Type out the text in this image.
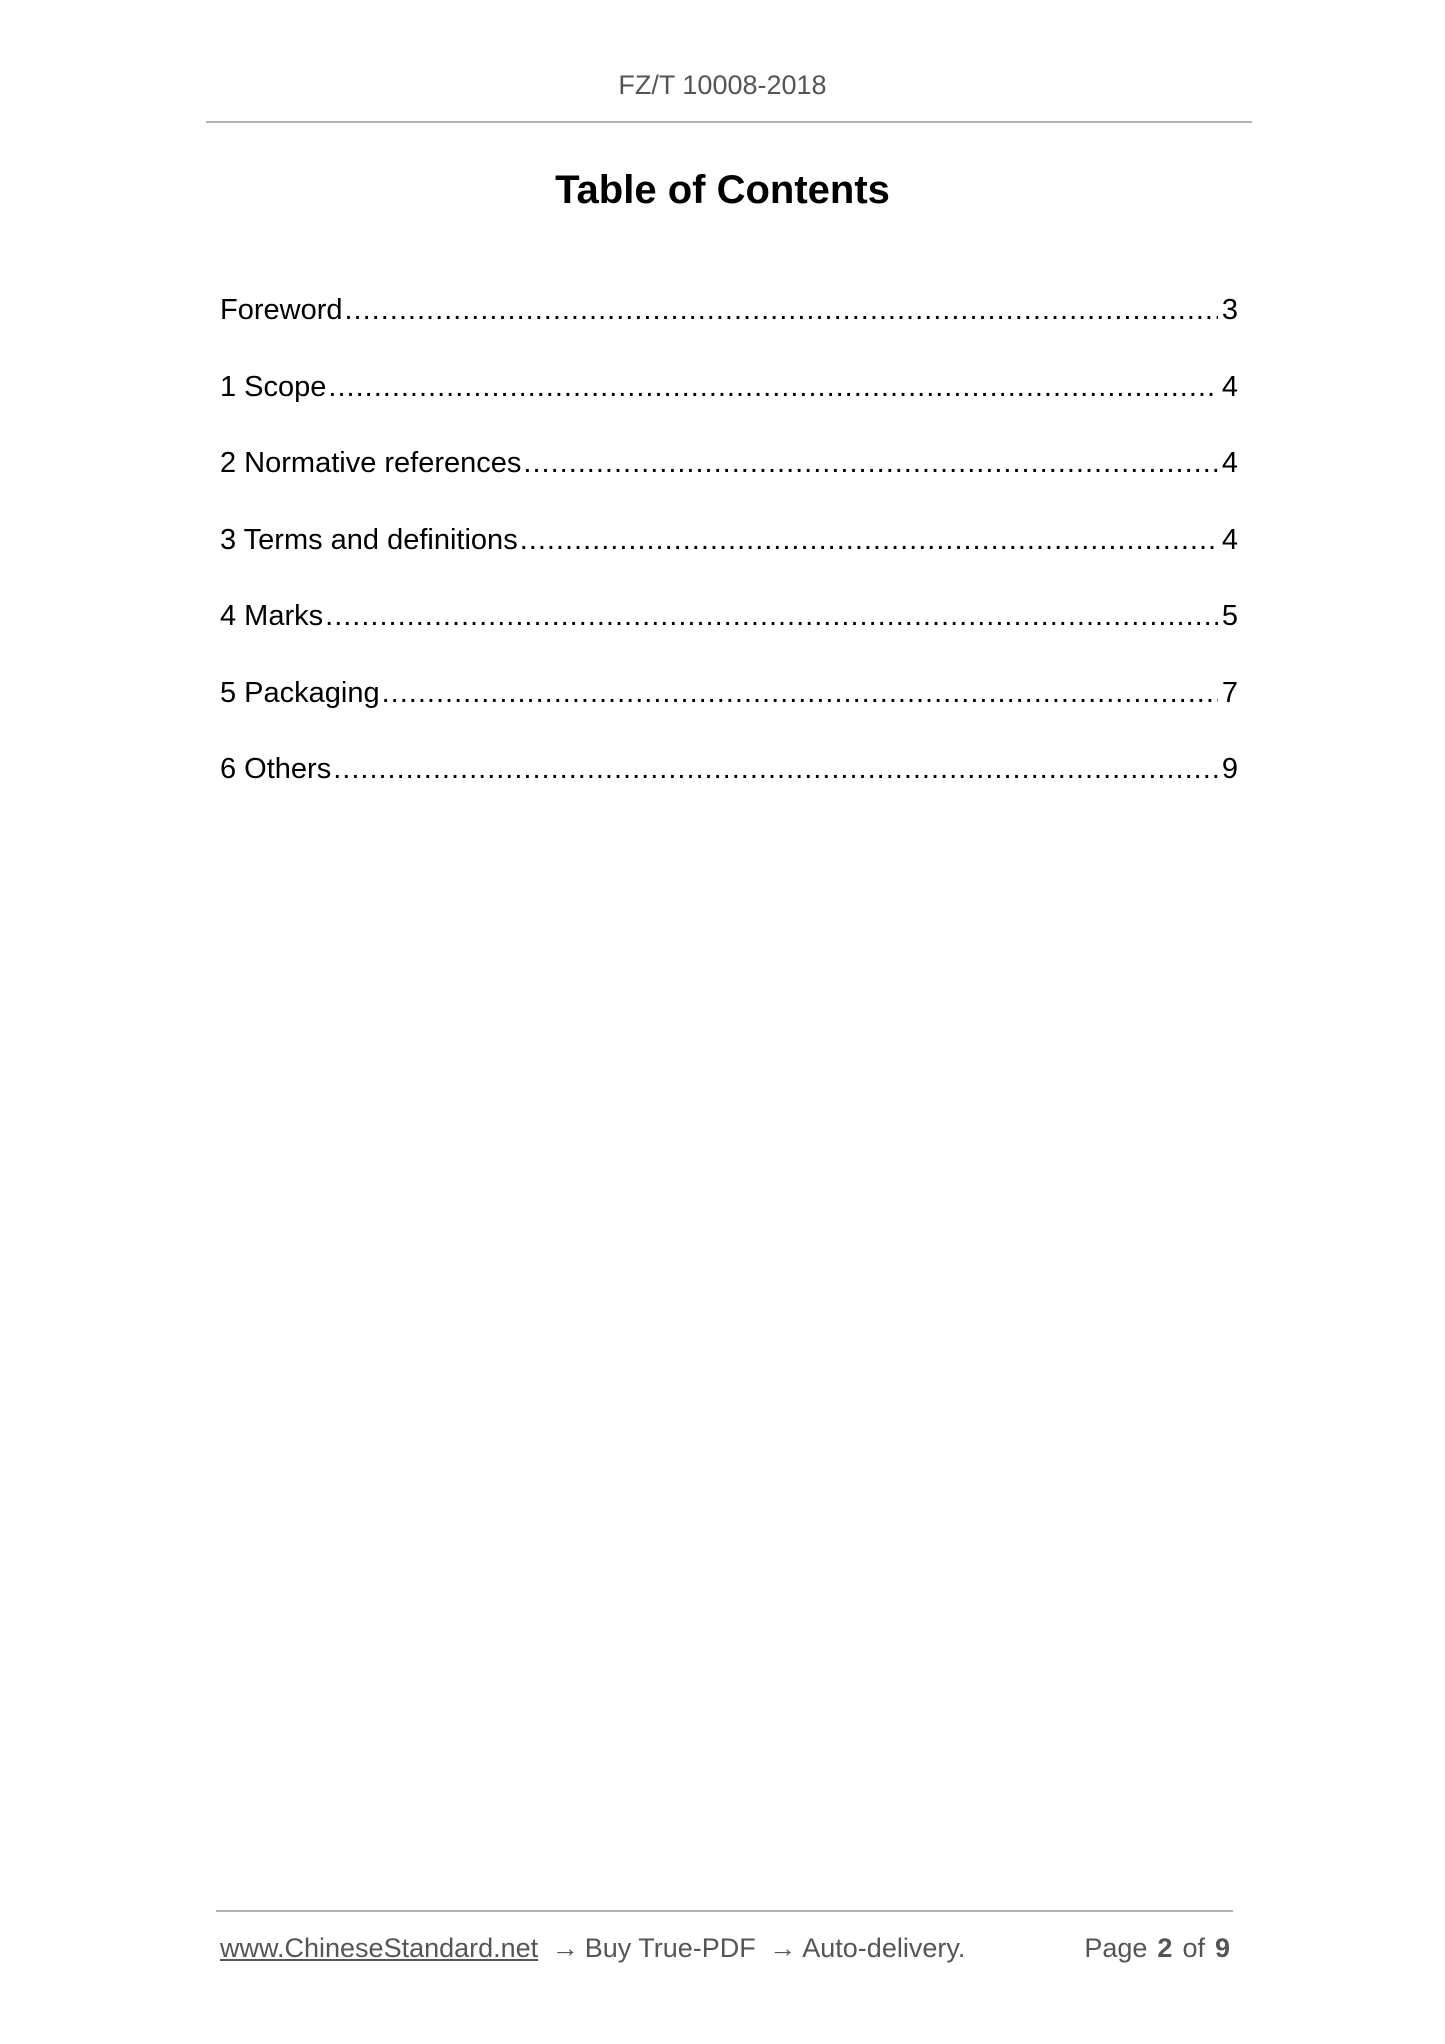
FZ/T 10008-2018
Table of Contents
Foreword .....	3
1 Scope .....	4
2 Normative references .....	4
3 Terms and definitions .....	4
4 Marks .....	5
5 Packaging .....	7
6 Others .....	9
www.ChineseStandard.net → Buy True-PDF → Auto-delivery.	Page 2 of 9
